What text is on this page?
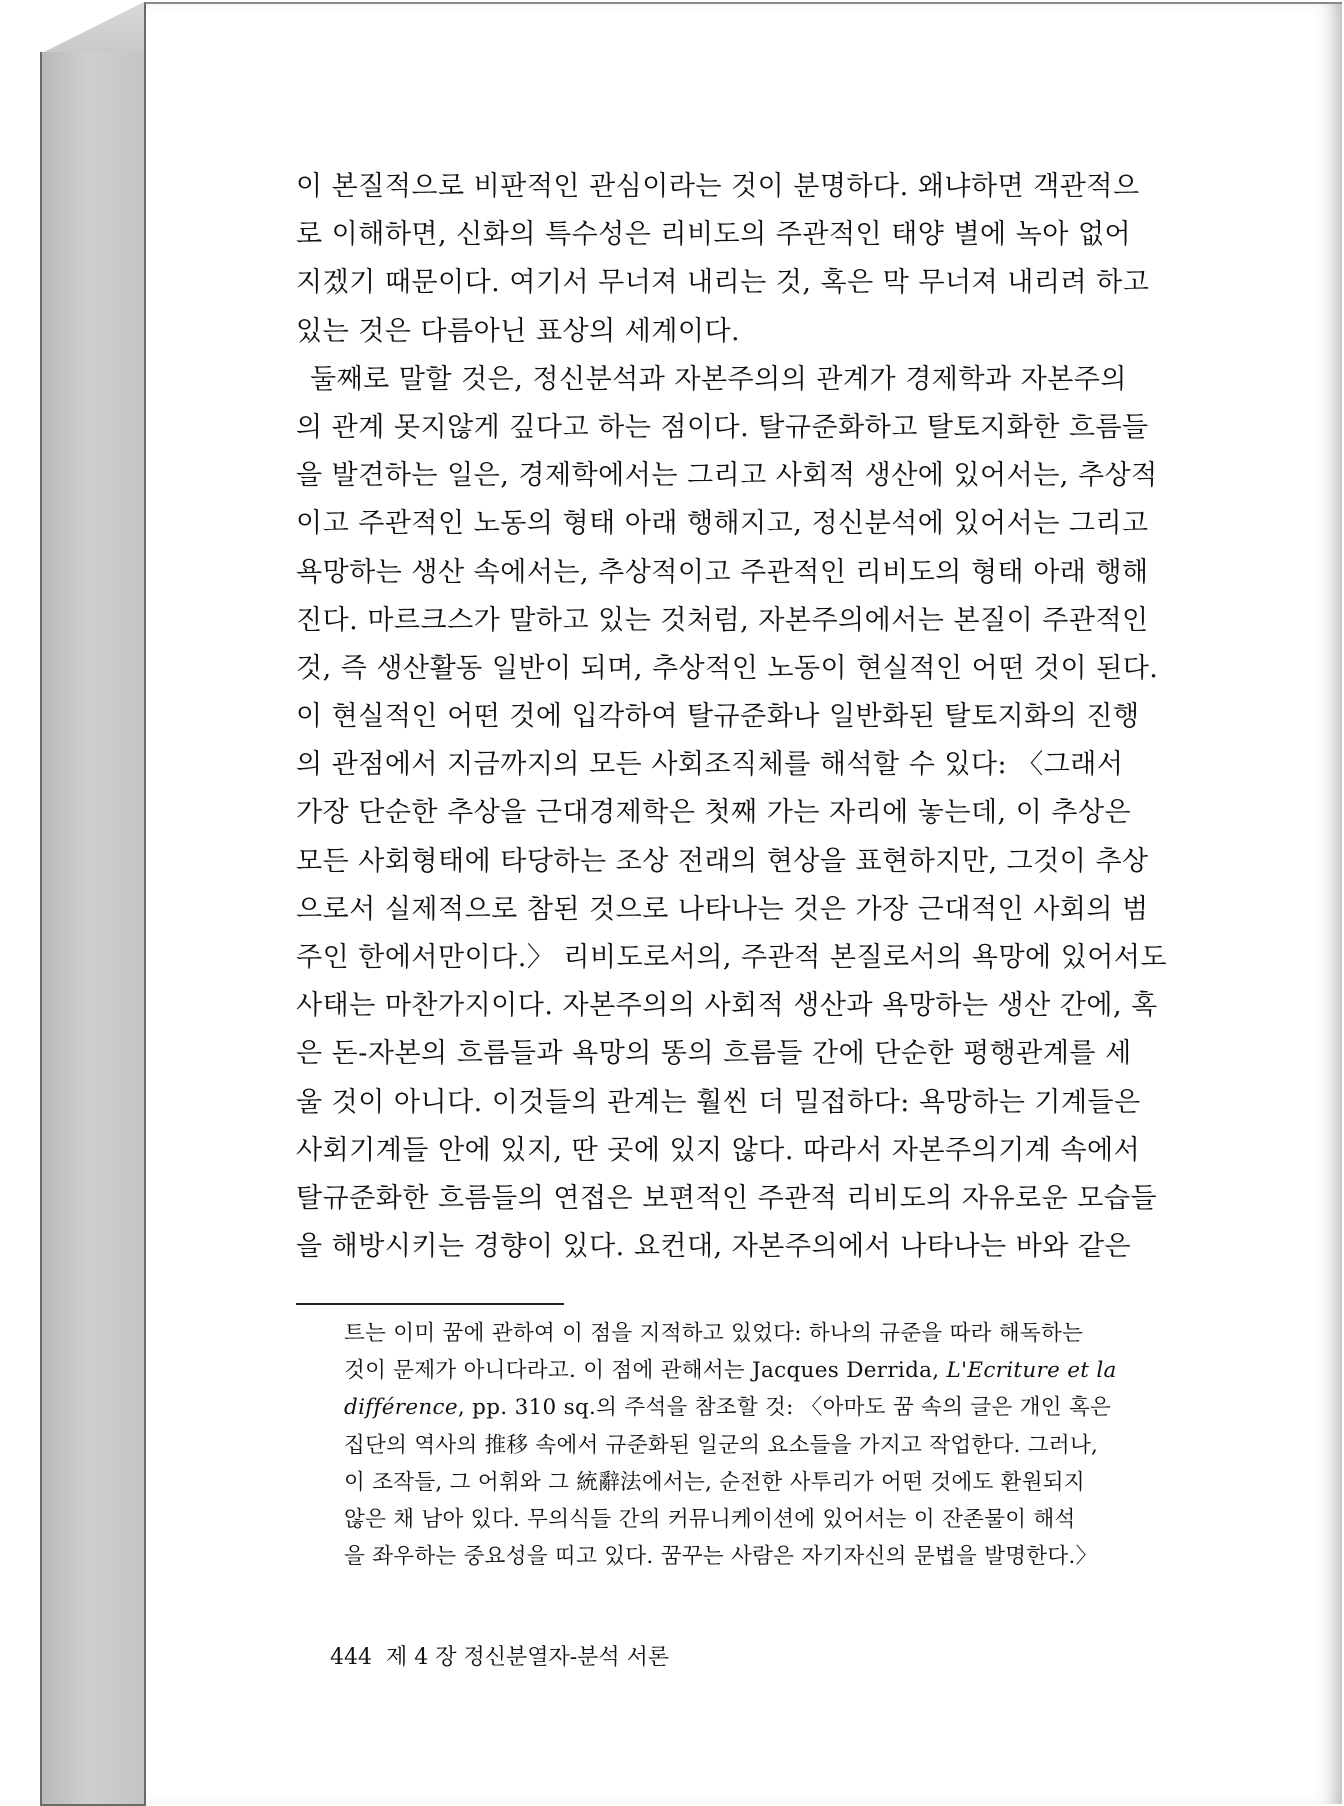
이 본질적으로 비판적인 관심이라는 것이 분명하다. 왜냐하면 객관적으
로 이해하면, 신화의 특수성은 리비도의 주관적인 태양 별에 녹아 없어
지겠기 때문이다. 여기서 무너져 내리는 것, 혹은 막 무너져 내리려 하고
있는 것은 다름아닌 표상의 세계이다.
둘째로 말할 것은, 정신분석과 자본주의의 관계가 경제학과 자본주의
의 관계 못지않게 깊다고 하는 점이다. 탈규준화하고 탈토지화한 흐름들
을 발견하는 일은, 경제학에서는 그리고 사회적 생산에 있어서는, 추상적
이고 주관적인 노동의 형태 아래 행해지고, 정신분석에 있어서는 그리고
욕망하는 생산 속에서는, 추상적이고 주관적인 리비도의 형태 아래 행해
진다. 마르크스가 말하고 있는 것처럼, 자본주의에서는 본질이 주관적인
것, 즉 생산활동 일반이 되며, 추상적인 노동이 현실적인 어떤 것이 된다.
이 현실적인 어떤 것에 입각하여 탈규준화나 일반화된 탈토지화의 진행
의 관점에서 지금까지의 모든 사회조직체를 해석할 수 있다: 〈그래서
가장 단순한 추상을 근대경제학은 첫째 가는 자리에 놓는데, 이 추상은
모든 사회형태에 타당하는 조상 전래의 현상을 표현하지만, 그것이 추상
으로서 실제적으로 참된 것으로 나타나는 것은 가장 근대적인 사회의 범
주인 한에서만이다.〉 리비도로서의, 주관적 본질로서의 욕망에 있어서도
사태는 마찬가지이다. 자본주의의 사회적 생산과 욕망하는 생산 간에, 혹
은 돈-자본의 흐름들과 욕망의 똥의 흐름들 간에 단순한 평행관계를 세
울 것이 아니다. 이것들의 관계는 훨씬 더 밀접하다: 욕망하는 기계들은
사회기계들 안에 있지, 딴 곳에 있지 않다. 따라서 자본주의기계 속에서
탈규준화한 흐름들의 연접은 보편적인 주관적 리비도의 자유로운 모습들
을 해방시키는 경향이 있다. 요컨대, 자본주의에서 나타나는 바와 같은
트는 이미 꿈에 관하여 이 점을 지적하고 있었다: 하나의 규준을 따라 해독하는
것이 문제가 아니다라고. 이 점에 관해서는 Jacques Derrida, L'Ecriture et la
différence, pp. 310 sq.의 주석을 참조할 것: 〈아마도 꿈 속의 글은 개인 혹은
집단의 역사의 推移 속에서 규준화된 일군의 요소들을 가지고 작업한다. 그러나,
이 조작들, 그 어휘와 그 統辭法에서는, 순전한 사투리가 어떤 것에도 환원되지
않은 채 남아 있다. 무의식들 간의 커뮤니케이션에 있어서는 이 잔존물이 해석
을 좌우하는 중요성을 띠고 있다. 꿈꾸는 사람은 자기자신의 문법을 발명한다.〉
444 제 4 장 정신분열자-분석 서론
